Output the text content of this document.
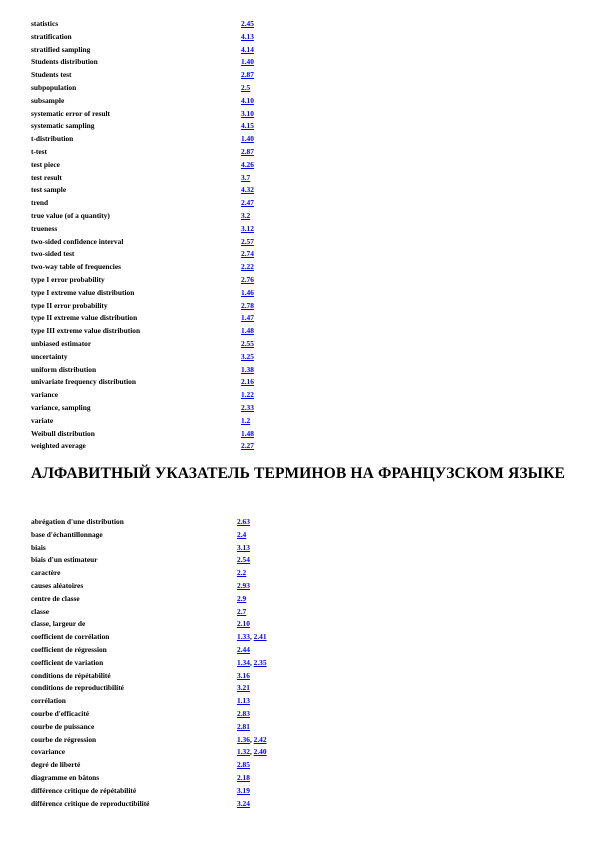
statistics	2.45
stratification	4.13
stratified sampling	4.14
Students distribution	1.40
Students test	2.87
subpopulation	2.5
subsample	4.10
systematic error of result	3.10
systematic sampling	4.15
t-distribution	1.40
t-test	2.87
test piece	4.26
test result	3.7
test sample	4.32
trend	2.47
true value (of a quantity)	3.2
trueness	3.12
two-sided confidence interval	2.57
two-sided test	2.74
two-way table of frequencies	2.22
type I error probability	2.76
type I extreme value distribution	1.46
type II error probability	2.78
type II extreme value distribution	1.47
type III extreme value distribution	1.48
unbiased estimator	2.55
uncertainty	3.25
uniform distribution	1.38
univariate frequency distribution	2.16
variance	1.22
variance, sampling	2.33
variate	1.2
Weibull distribution	1.48
weighted average	2.27
АЛФАВИТНЫЙ УКАЗАТЕЛЬ ТЕРМИНОВ НА ФРАНЦУЗСКОМ ЯЗЫКЕ
abrégation d'une distribution	2.63
base d'échantillonnage	2.4
biais	3.13
biais d'un estimateur	2.54
caractère	2.2
causes aléatoires	2.93
centre de classe	2.9
classe	2.7
classe, largeur de	2.10
coefficient de corrélation	1.33, 2.41
coefficient de régression	2.44
coefficient de variation	1.34, 2.35
conditions de répétabilité	3.16
conditions de reproductibilité	3.21
corrélation	1.13
courbe d'efficacité	2.83
courbe de puissance	2.81
courbe de régression	1.36, 2.42
covariance	1.32, 2.40
degré de liberté	2.85
diagramme en bâtons	2.18
différence critique de répétabilité	3.19
différence critique de reproductibilité	3.24
